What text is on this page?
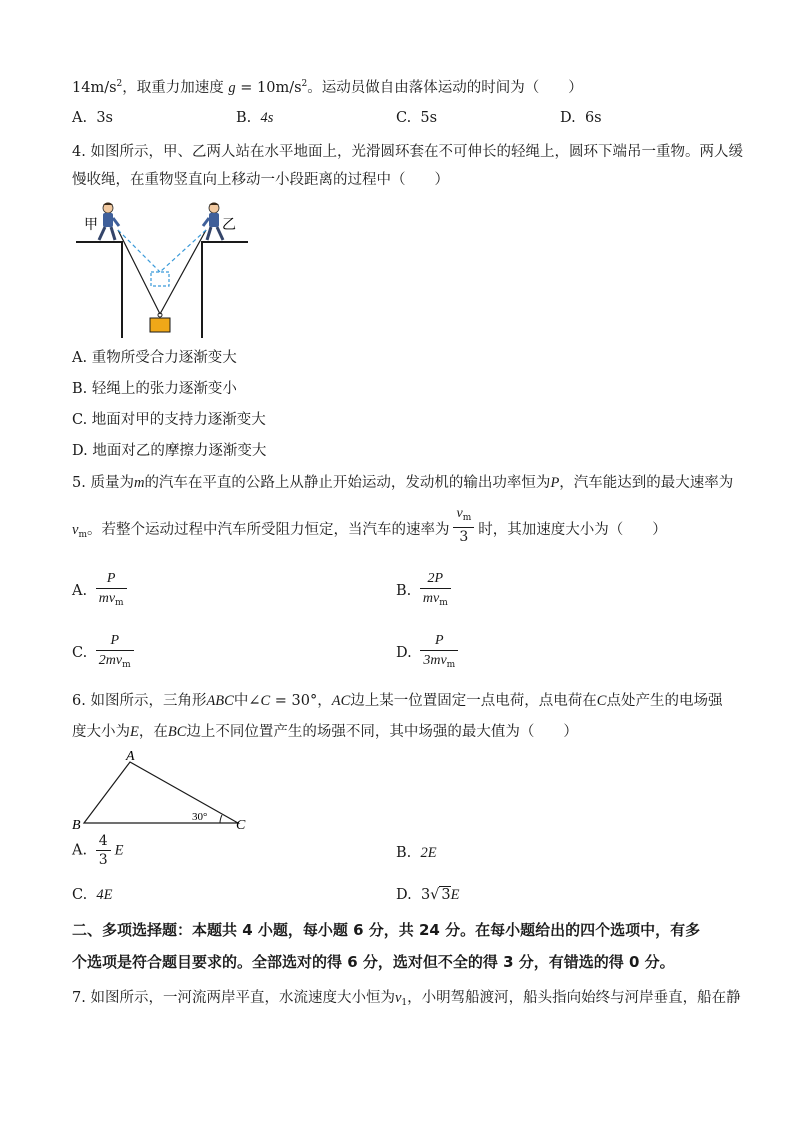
$14m/s^2$，取重力加速度 $g = 10m/s^2$。运动员做自由落体运动的时间为（　　）
A. 3s	B. 4s	C. 5s	D. 6s
4. 如图所示，甲、乙两人站在水平地面上，光滑圆环套在不可伸长的轻绳上，圆环下端吊一重物。两人缓
慢收绳，在重物竖直向上移动一小段距离的过程中（　　）
甲	乙
A. 重物所受合力逐渐变大
B. 轻绳上的张力逐渐变小
C. 地面对甲的支持力逐渐变大
D. 地面对乙的摩擦力逐渐变大
5. 质量为m的汽车在平直的公路上从静止开始运动，发动机的输出功率恒为P，汽车能达到的最大速率为
$v_m$。若整个运动过程中汽车所受阻力恒定，当汽车的速率为 $\frac{v_m}{3}$ 时，其加速度大小为（　　）
A. $\frac{P}{mv_m}$	B. $\frac{2P}{mv_m}$
C. $\frac{P}{2mv_m}$	D. $\frac{P}{3mv_m}$
6. 如图所示，三角形ABC中∠C = 30°，AC边上某一位置固定一点电荷，点电荷在C点处产生的电场强
度大小为E，在BC边上不同位置产生的场强不同，其中场强的最大值为（　　）
A
B	C
30°
A. $\frac{4}{3}$ E	B. 2E
C. 4E	D. 3√ 3E
二、多项选择题：本题共 4 小题，每小题 6 分，共 24 分。在每小题给出的四个选项中，有多
个选项是符合题目要求的。全部选对的得 6 分，选对但不全的得 3 分，有错选的得 0 分。
7. 如图所示，一河流两岸平直，水流速度大小恒为$v_1$，小明驾船渡河，船头指向始终与河岸垂直，船在静
